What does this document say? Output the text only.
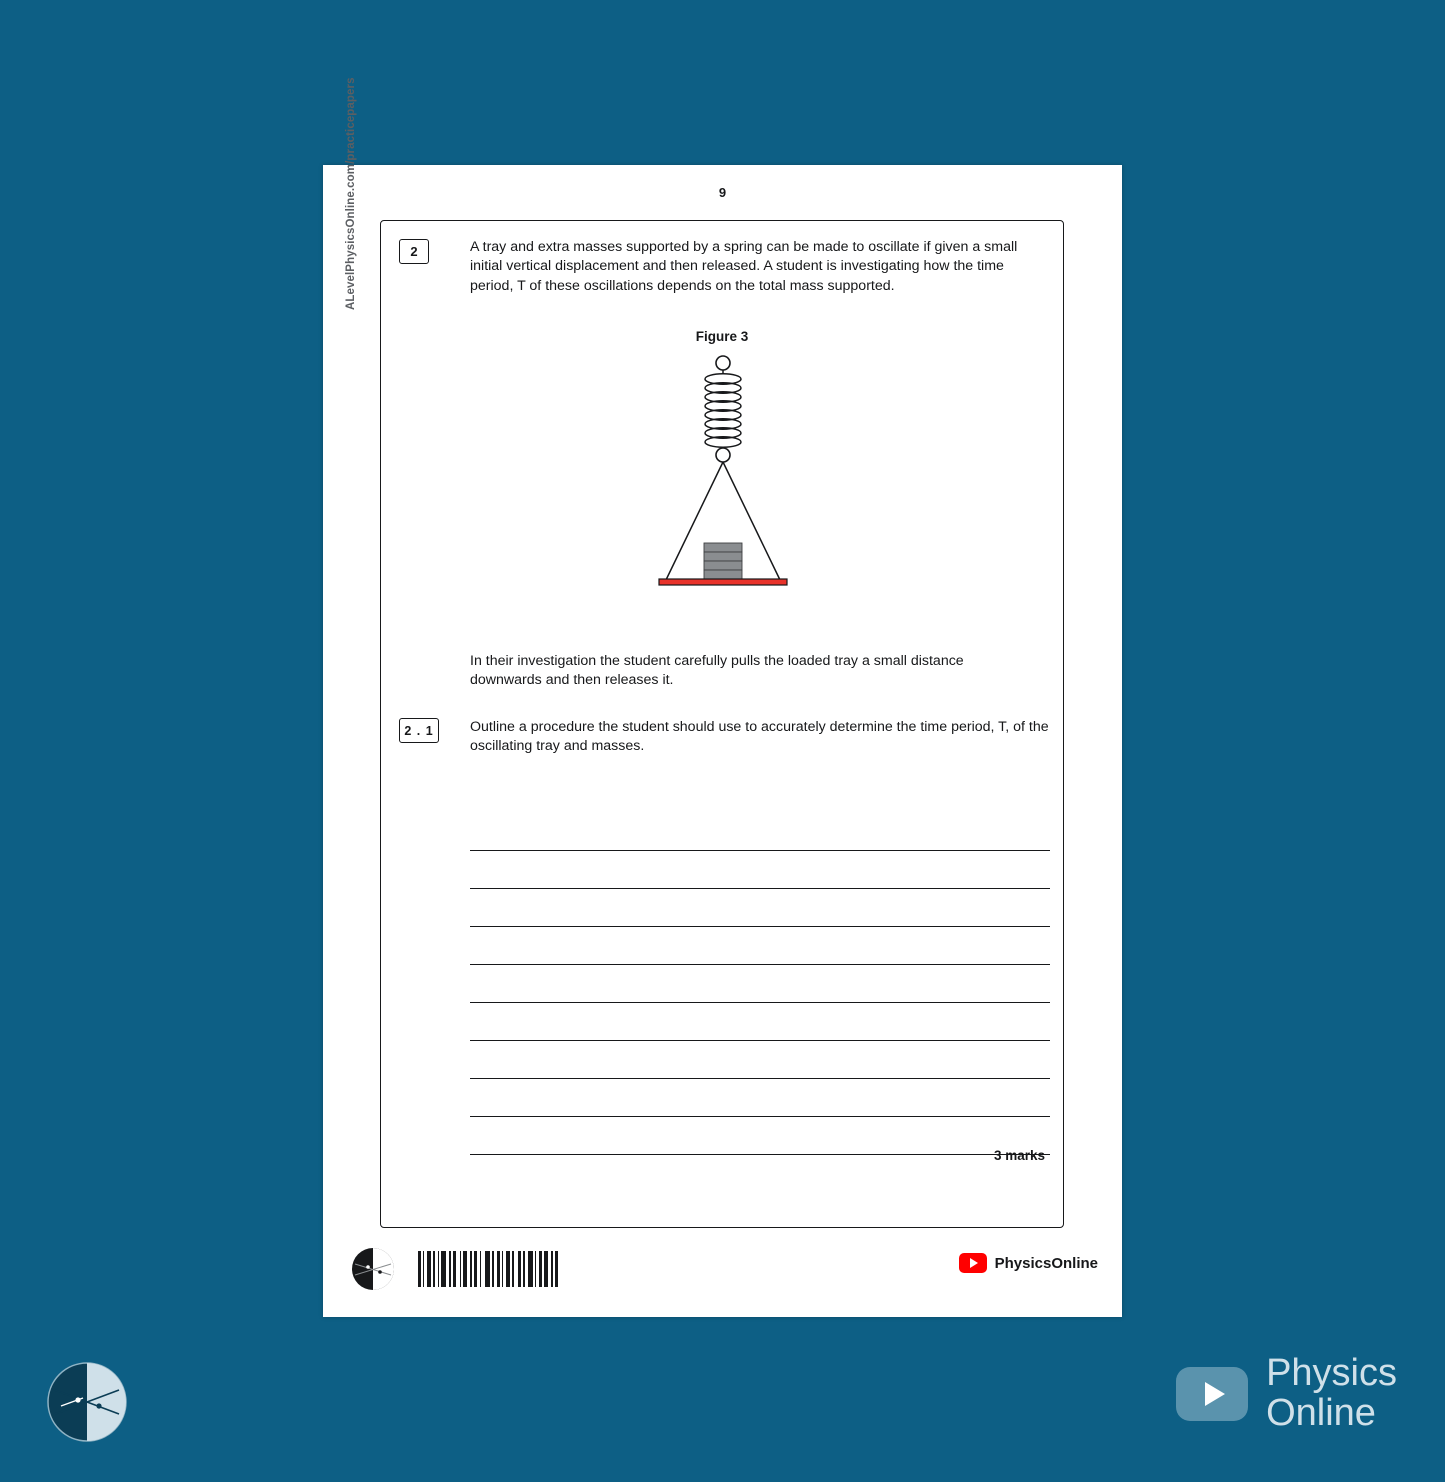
Physics
Online
9
ALevelPhysicsOnline.com/practicepapers	2	A tray and extra masses supported by a spring can be made to oscillate if given a small initial vertical displacement and then released. A student is investigating how the time period, T of these oscillations depends on the total mass supported.
Figure 3
In their investigation the student carefully pulls the loaded tray a small distance downwards and then releases it.
2 . 1	Outline a procedure the student should use to accurately determine the time period, T, of the oscillating tray and masses.
3 marks
PhysicsOnline
